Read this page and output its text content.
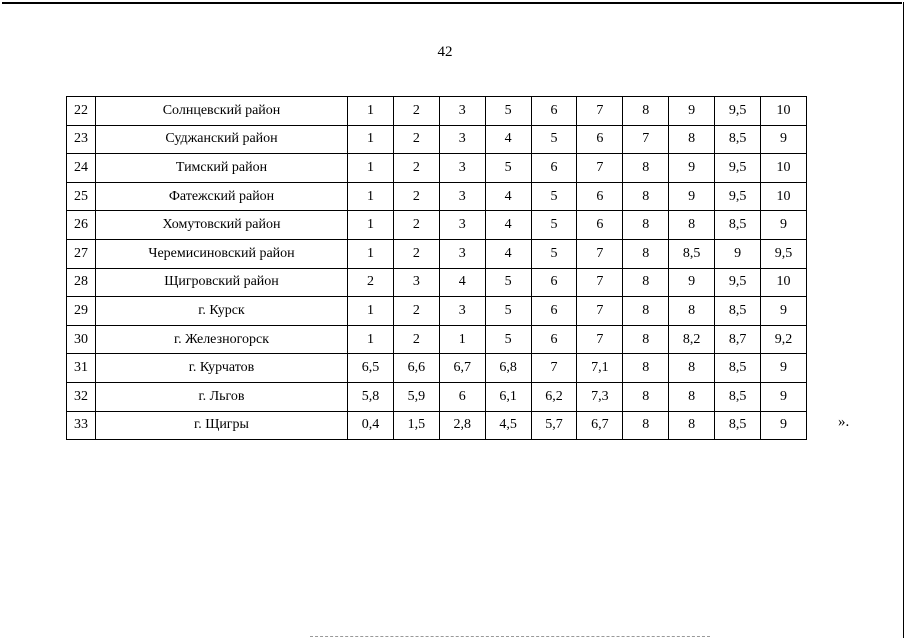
42
22	Солнцевский район	1	2	3	5	6	7	8	9	9,5	10
23	Суджанский район	1	2	3	4	5	6	7	8	8,5	9
24	Тимский район	1	2	3	5	6	7	8	9	9,5	10
25	Фатежский район	1	2	3	4	5	6	8	9	9,5	10
26	Хомутовский район	1	2	3	4	5	6	8	8	8,5	9
27	Черемисиновский район	1	2	3	4	5	7	8	8,5	9	9,5
28	Щигровский район	2	3	4	5	6	7	8	9	9,5	10
29	г. Курск	1	2	3	5	6	7	8	8	8,5	9
30	г. Железногорск	1	2	1	5	6	7	8	8,2	8,7	9,2
31	г. Курчатов	6,5	6,6	6,7	6,8	7	7,1	8	8	8,5	9
32	г. Льгов	5,8	5,9	6	6,1	6,2	7,3	8	8	8,5	9
33	г. Щигры	0,4	1,5	2,8	4,5	5,7	6,7	8	8	8,5	9	».
